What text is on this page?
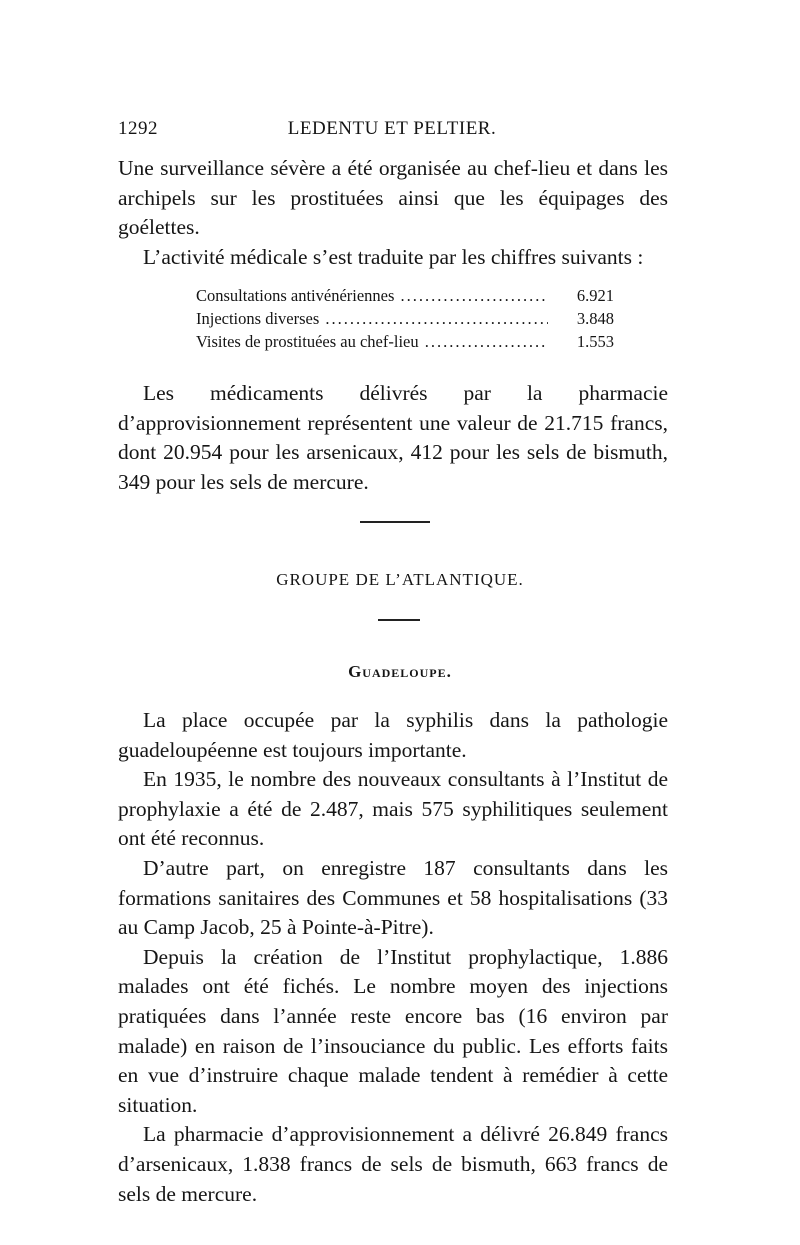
1292	LEDENTU ET PELTIER.

Une surveillance sévère a été organisée au chef-lieu et dans les archipels sur les prostituées ainsi que les équipages des goélettes.

L’activité médicale s’est traduite par les chiffres suivants :

Consultations antivénériennes .....	6.921
Injections diverses .....	3.848
Visites de prostituées au chef-lieu .....	1.553

Les médicaments délivrés par la pharmacie d’approvisionnement représentent une valeur de 21.715 francs, dont 20.954 pour les arsenicaux, 412 pour les sels de bismuth, 349 pour les sels de mercure.

GROUPE DE L’ATLANTIQUE.
Guadeloupe.

La place occupée par la syphilis dans la pathologie guadeloupéenne est toujours importante.

En 1935, le nombre des nouveaux consultants à l’Institut de prophylaxie a été de 2.487, mais 575 syphilitiques seulement ont été reconnus.

D’autre part, on enregistre 187 consultants dans les formations sanitaires des Communes et 58 hospitalisations (33 au Camp Jacob, 25 à Pointe-à-Pitre).

Depuis la création de l’Institut prophylactique, 1.886 malades ont été fichés. Le nombre moyen des injections pratiquées dans l’année reste encore bas (16 environ par malade) en raison de l’insouciance du public. Les efforts faits en vue d’instruire chaque malade tendent à remédier à cette situation.

La pharmacie d’approvisionnement a délivré 26.849 francs d’arsenicaux, 1.838 francs de sels de bismuth, 663 francs de sels de mercure.
